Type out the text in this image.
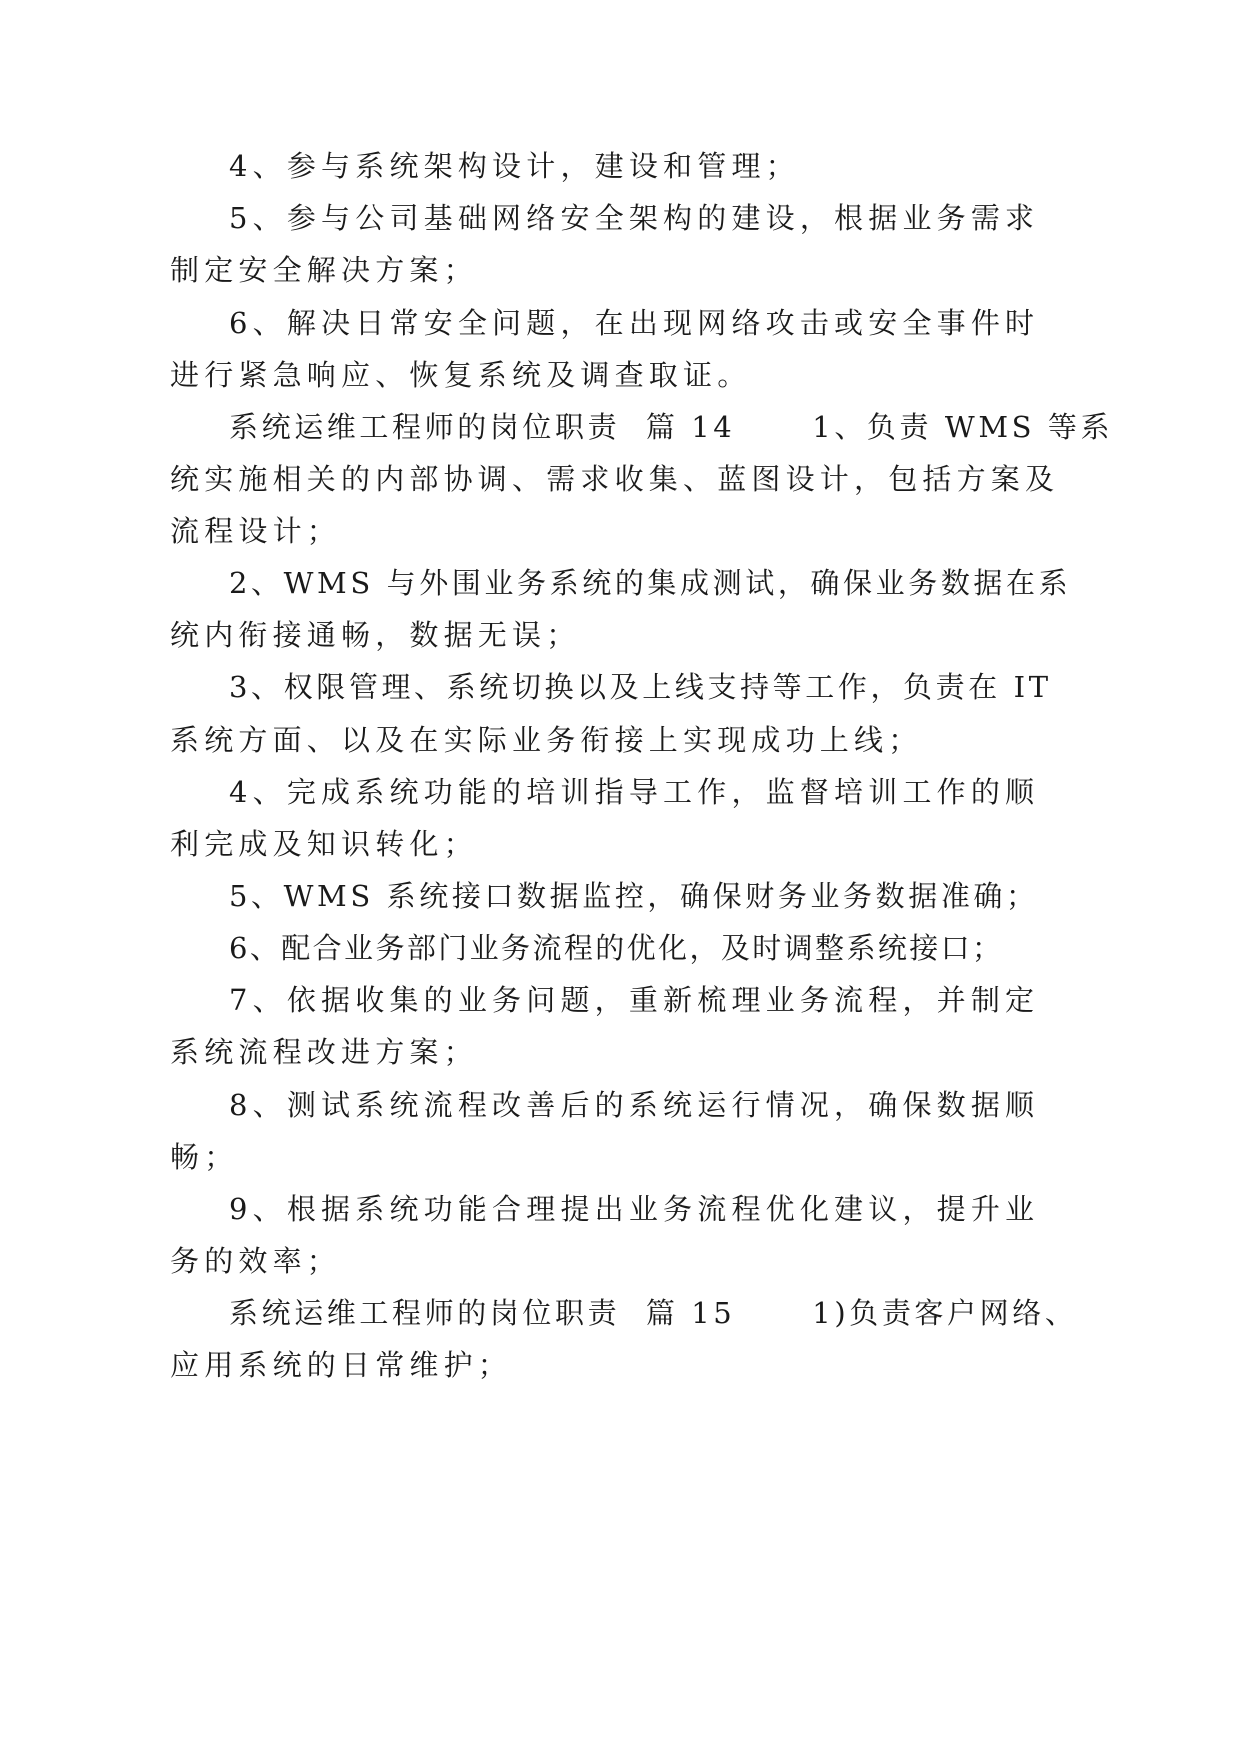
4、参与系统架构设计，建设和管理；
5、参与公司基础网络安全架构的建设，根据业务需求
制定安全解决方案；
6、解决日常安全问题，在出现网络攻击或安全事件时
进行紧急响应、恢复系统及调查取证。
系统运维工程师的岗位职责  篇 14      1、负责 WMS 等系
统实施相关的内部协调、需求收集、蓝图设计，包括方案及
流程设计；
2、WMS 与外围业务系统的集成测试，确保业务数据在系
统内衔接通畅，数据无误；
3、权限管理、系统切换以及上线支持等工作，负责在 IT
系统方面、以及在实际业务衔接上实现成功上线；
4、完成系统功能的培训指导工作，监督培训工作的顺
利完成及知识转化；
5、WMS 系统接口数据监控，确保财务业务数据准确；
6、配合业务部门业务流程的优化，及时调整系统接口；
7、依据收集的业务问题，重新梳理业务流程，并制定
系统流程改进方案；
8、测试系统流程改善后的系统运行情况，确保数据顺
畅；
9、根据系统功能合理提出业务流程优化建议，提升业
务的效率；
系统运维工程师的岗位职责  篇 15      1)负责客户网络、
应用系统的日常维护；
